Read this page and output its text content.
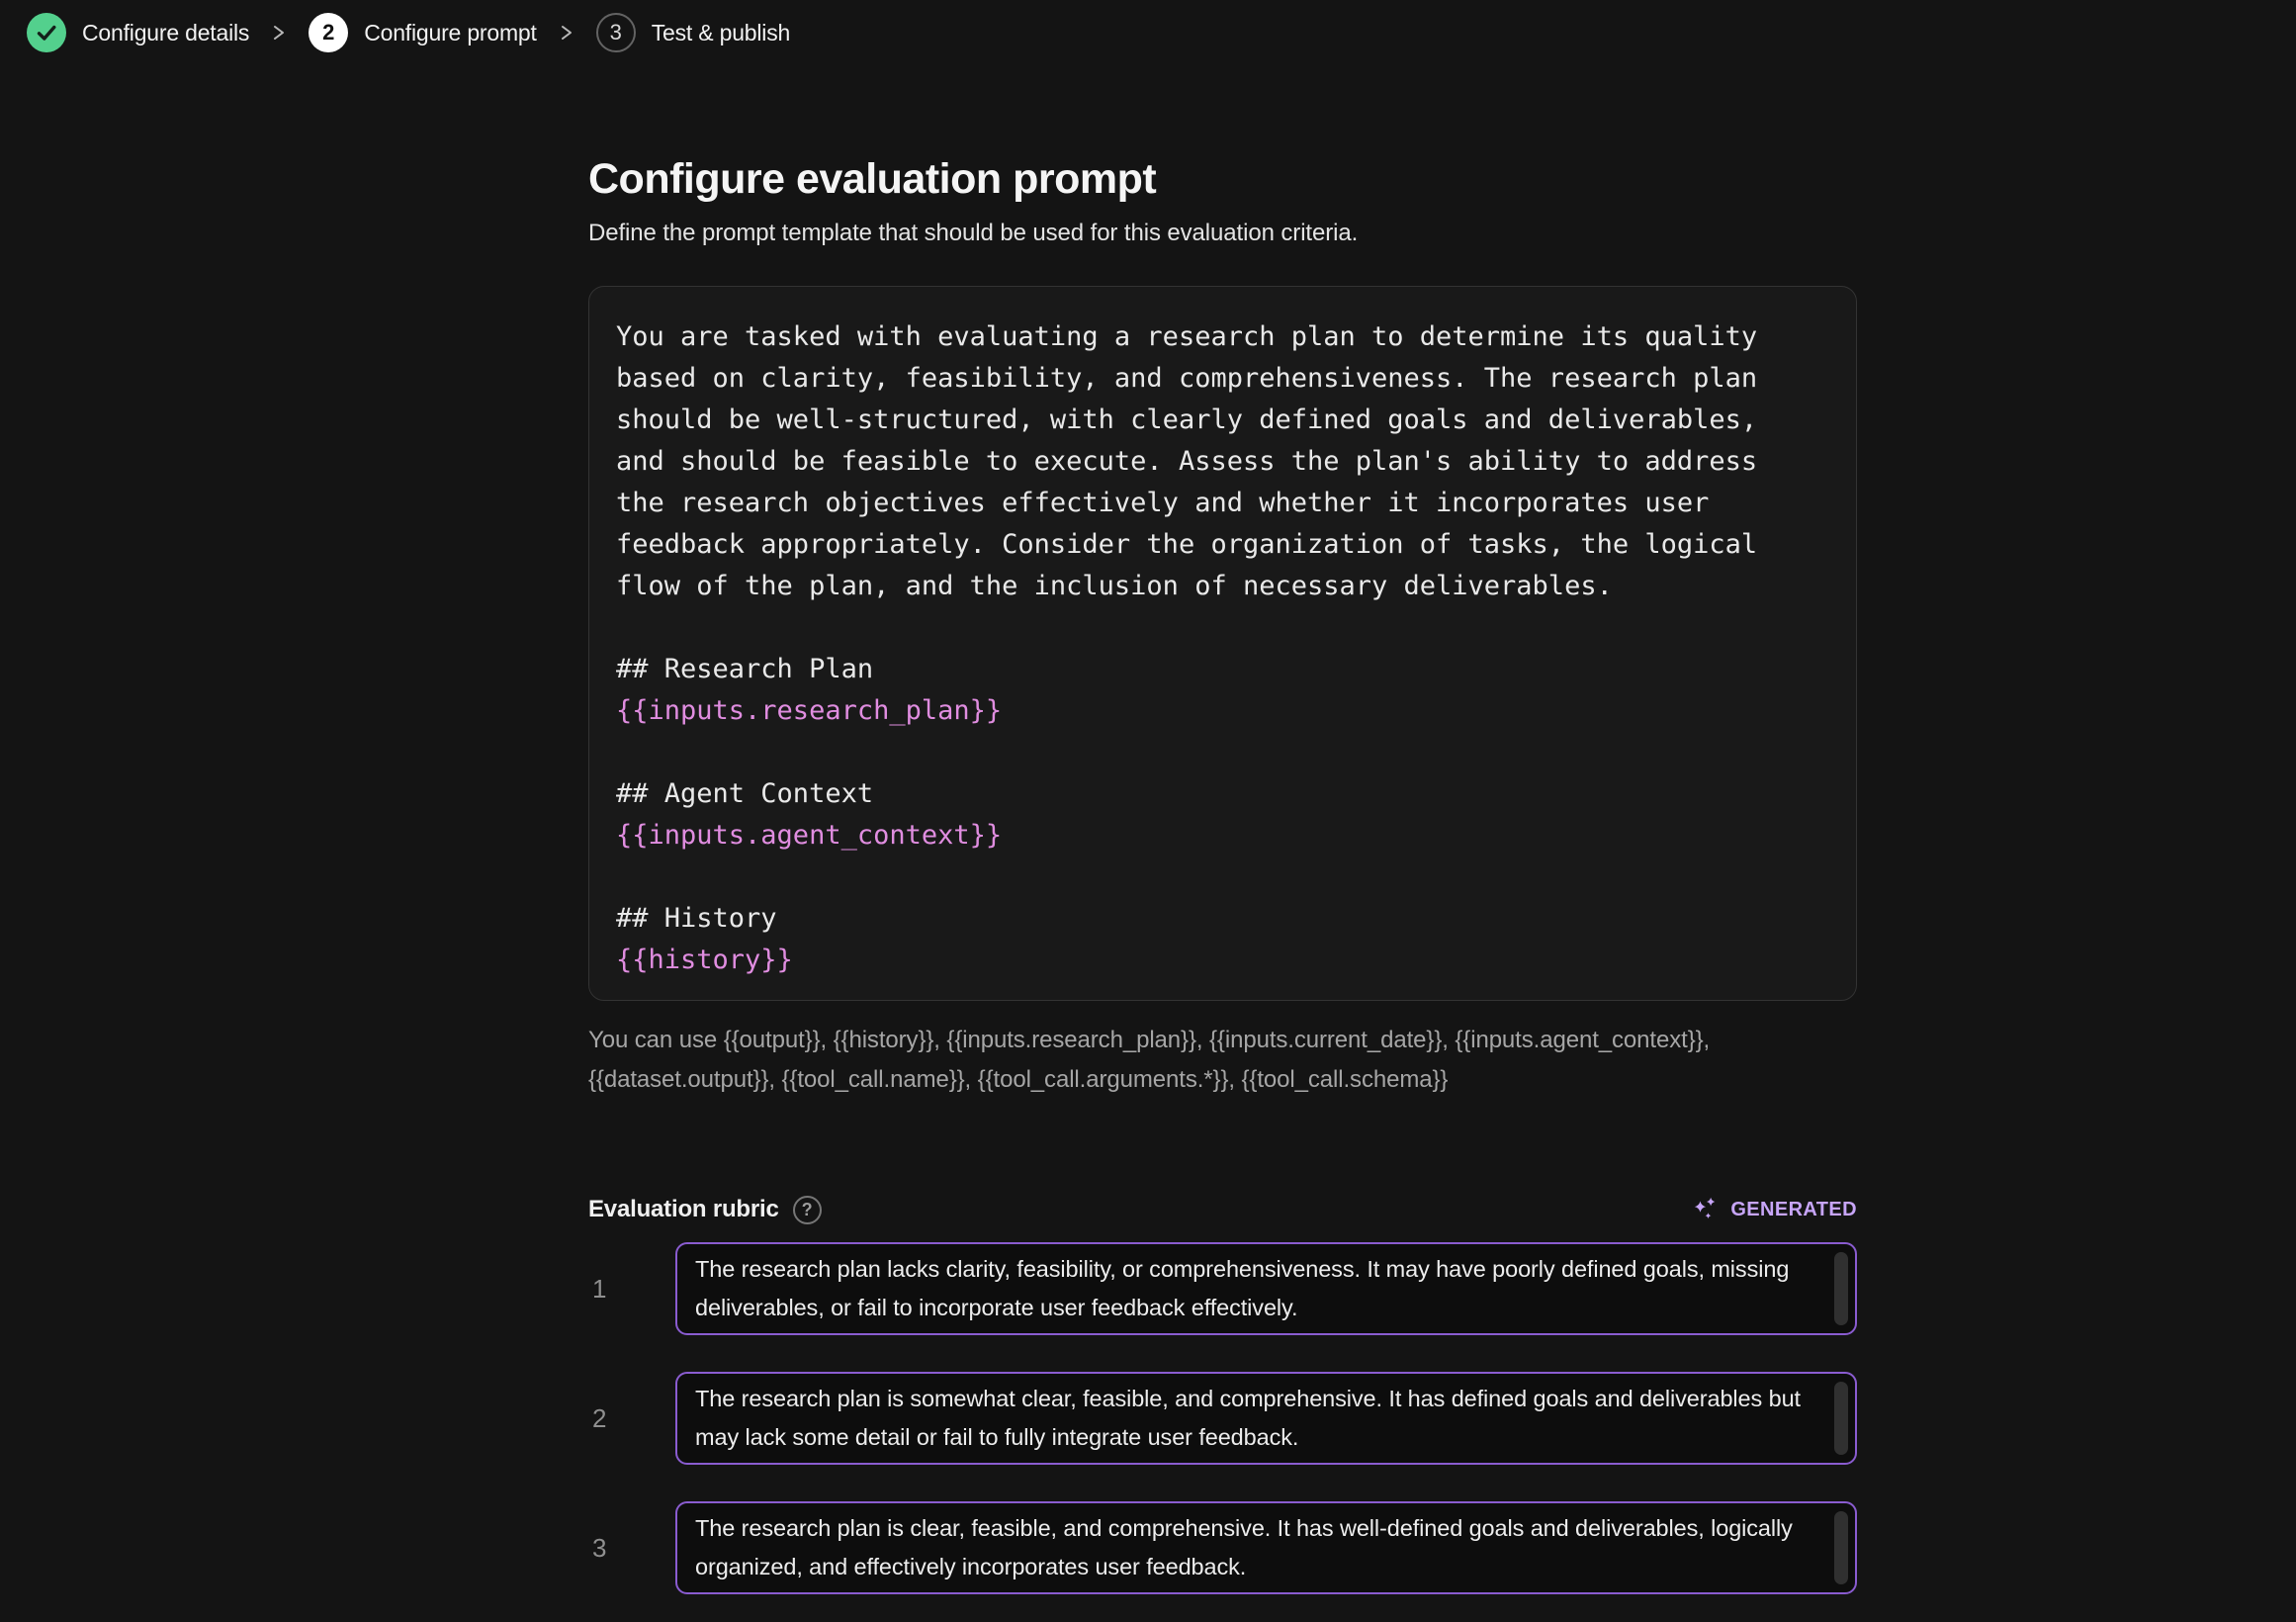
Configure details	2	Configure prompt	3	Test & publish
Configure evaluation prompt

Define the prompt template that should be used for this evaluation criteria.

You are tasked with evaluating a research plan to determine its quality
based on clarity, feasibility, and comprehensiveness. The research plan
should be well-structured, with clearly defined goals and deliverables,
and should be feasible to execute. Assess the plan's ability to address
the research objectives effectively and whether it incorporates user
feedback appropriately. Consider the organization of tasks, the logical
flow of the plan, and the inclusion of necessary deliverables.
## Research Plan
{{inputs.research_plan}}
## Agent Context
{{inputs.agent_context}}
## History
{{history}}

You can use {{output}}, {{history}}, {{inputs.research_plan}}, {{inputs.current_date}}, {{inputs.agent_context}}, {{dataset.output}}, {{tool_call.name}}, {{tool_call.arguments.*}}, {{tool_call.schema}}

Evaluation rubric	?	GENERATED
1
The research plan lacks clarity, feasibility, or comprehensiveness. It may have poorly defined goals, missing deliverables, or fail to incorporate user feedback effectively.
2
The research plan is somewhat clear, feasible, and comprehensive. It has defined goals and deliverables but may lack some detail or fail to fully integrate user feedback.
3
The research plan is clear, feasible, and comprehensive. It has well-defined goals and deliverables, logically organized, and effectively incorporates user feedback.
